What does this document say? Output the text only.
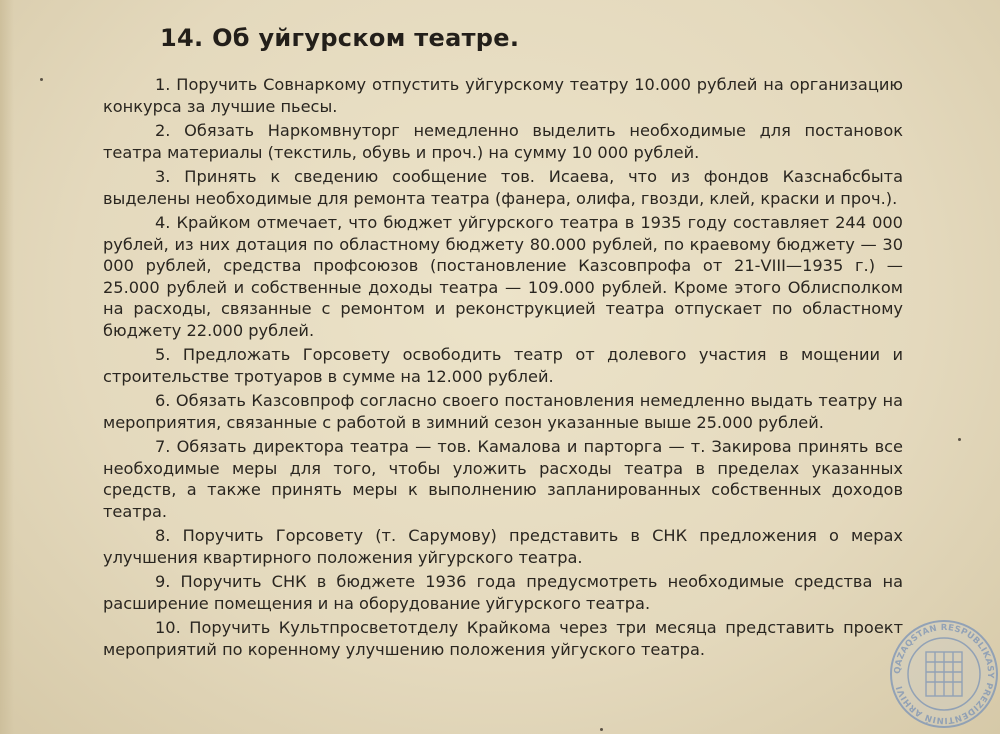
14. Об уйгурском театре.

1. Поручить Совнаркому отпустить уйгурскому театру 10.000 рублей на организацию конкурса за лучшие пьесы.

2. Обязать Наркомвнуторг немедленно выделить необходимые для постановок театра материалы (текстиль, обувь и проч.) на сумму 10 000 рублей.

3. Принять к сведению сообщение тов. Исаева, что из фондов Казснабсбыта выделены необходимые для ремонта театра (фанера, олифа, гвозди, клей, краски и проч.).

4. Крайком отмечает, что бюджет уйгурского театра в 1935 году составляет 244 000 рублей, из них дотация по областному бюджету 80.000 рублей, по краевому бюджету — 30 000 рублей, средства профсоюзов (постановление Казсовпрофа от 21-VIII—1935 г.) — 25.000 рублей и собственные доходы театра — 109.000 рублей. Кроме этого Облисполком на расходы, связанные с ремонтом и реконструкцией театра отпускает по областному бюджету 22.000 рублей.

5. Предложать Горсовету освободить театр от долевого участия в мощении и строительстве тротуаров в сумме на 12.000 рублей.

6. Обязать Казсовпроф согласно своего постановления немедленно выдать театру на мероприятия, связанные с работой в зимний сезон указанные выше 25.000 рублей.

7. Обязать директора театра — тов. Камалова и парторга — т. Закирова принять все необходимые меры для того, чтобы уложить расходы театра в пределах указанных средств, а также принять меры к выполнению запланированных собственных доходов театра.

8. Поручить Горсовету (т. Сарумову) представить в СНК предложения о мерах улучшения квартирного положения уйгурского театра.

9. Поручить СНК в бюджете 1936 года предусмотреть необходимые средства на расширение помещения и на оборудование уйгурского театра.

10. Поручить Культпросветотделу Крайкома через три месяца представить проект мероприятий по коренному улучшению положения уйгуского театра.

QAZAQSTAN RESPUBLIKASY PREZIDENTINIŃ ARHIVI
